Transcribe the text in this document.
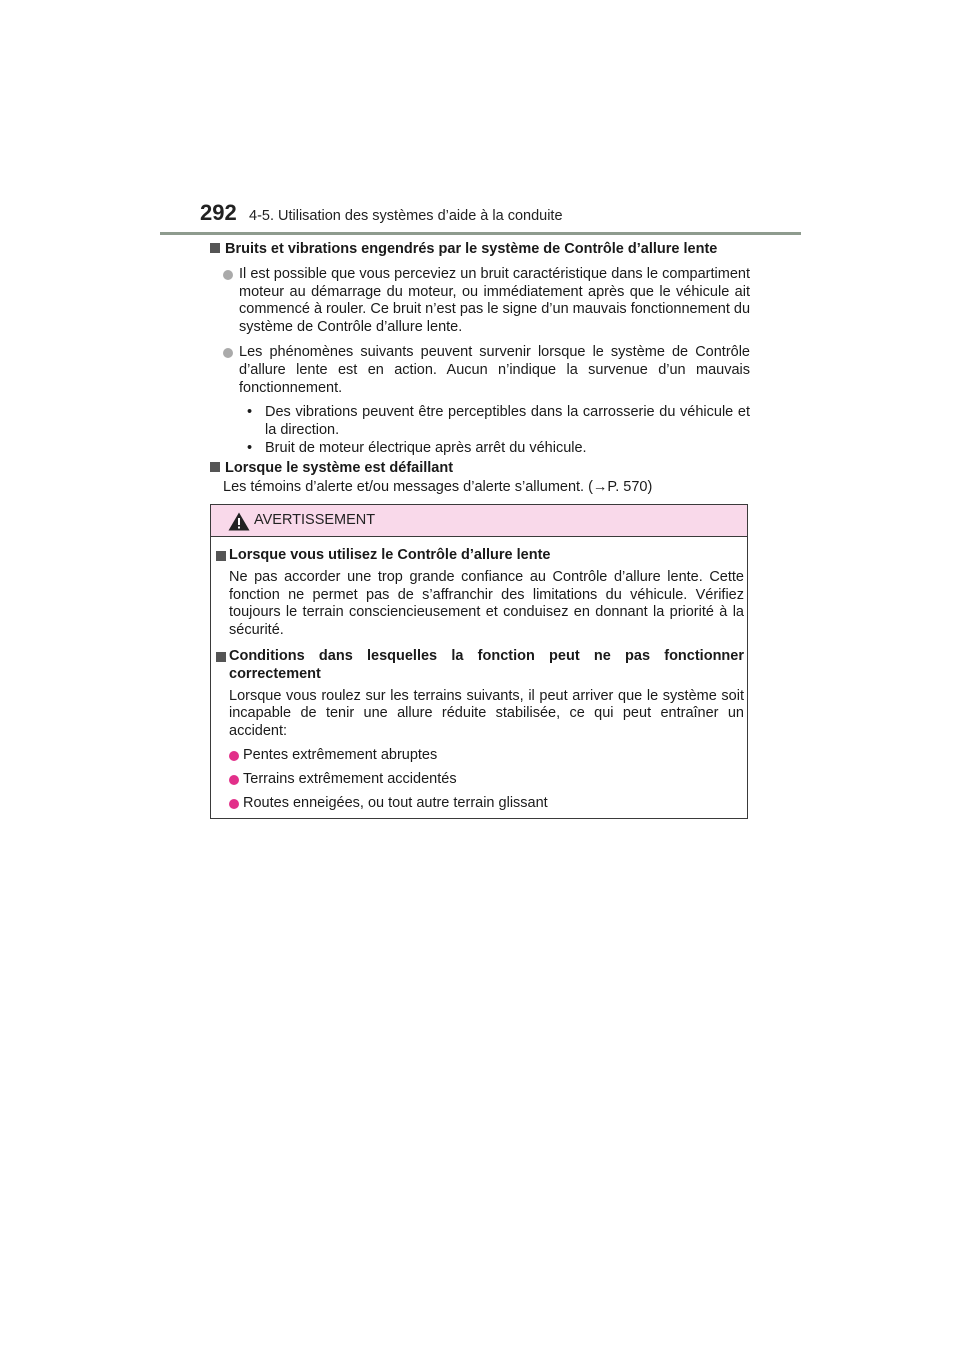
292 4-5. Utilisation des systèmes d’aide à la conduite
Bruits et vibrations engendrés par le système de Contrôle d’allure lente
Il est possible que vous perceviez un bruit caractéristique dans le compartiment moteur au démarrage du moteur, ou immédiatement après que le véhicule ait commencé à rouler. Ce bruit n’est pas le signe d’un mauvais fonctionnement du système de Contrôle d’allure lente.
Les phénomènes suivants peuvent survenir lorsque le système de Contrôle d’allure lente est en action. Aucun n’indique la survenue d’un mauvais fonctionnement.
• Des vibrations peuvent être perceptibles dans la carrosserie du véhicule et la direction.
• Bruit de moteur électrique après arrêt du véhicule.
Lorsque le système est défaillant
Les témoins d’alerte et/ou messages d’alerte s’allument. (→P. 570)
AVERTISSEMENT
Lorsque vous utilisez le Contrôle d’allure lente
Ne pas accorder une trop grande confiance au Contrôle d’allure lente. Cette fonction ne permet pas de s’affranchir des limitations du véhicule. Vérifiez toujours le terrain consciencieusement et conduisez en donnant la priorité à la sécurité.
Conditions dans lesquelles la fonction peut ne pas fonctionner correctement
Lorsque vous roulez sur les terrains suivants, il peut arriver que le système soit incapable de tenir une allure réduite stabilisée, ce qui peut entraîner un accident:
Pentes extrêmement abruptes
Terrains extrêmement accidentés
Routes enneigées, ou tout autre terrain glissant
